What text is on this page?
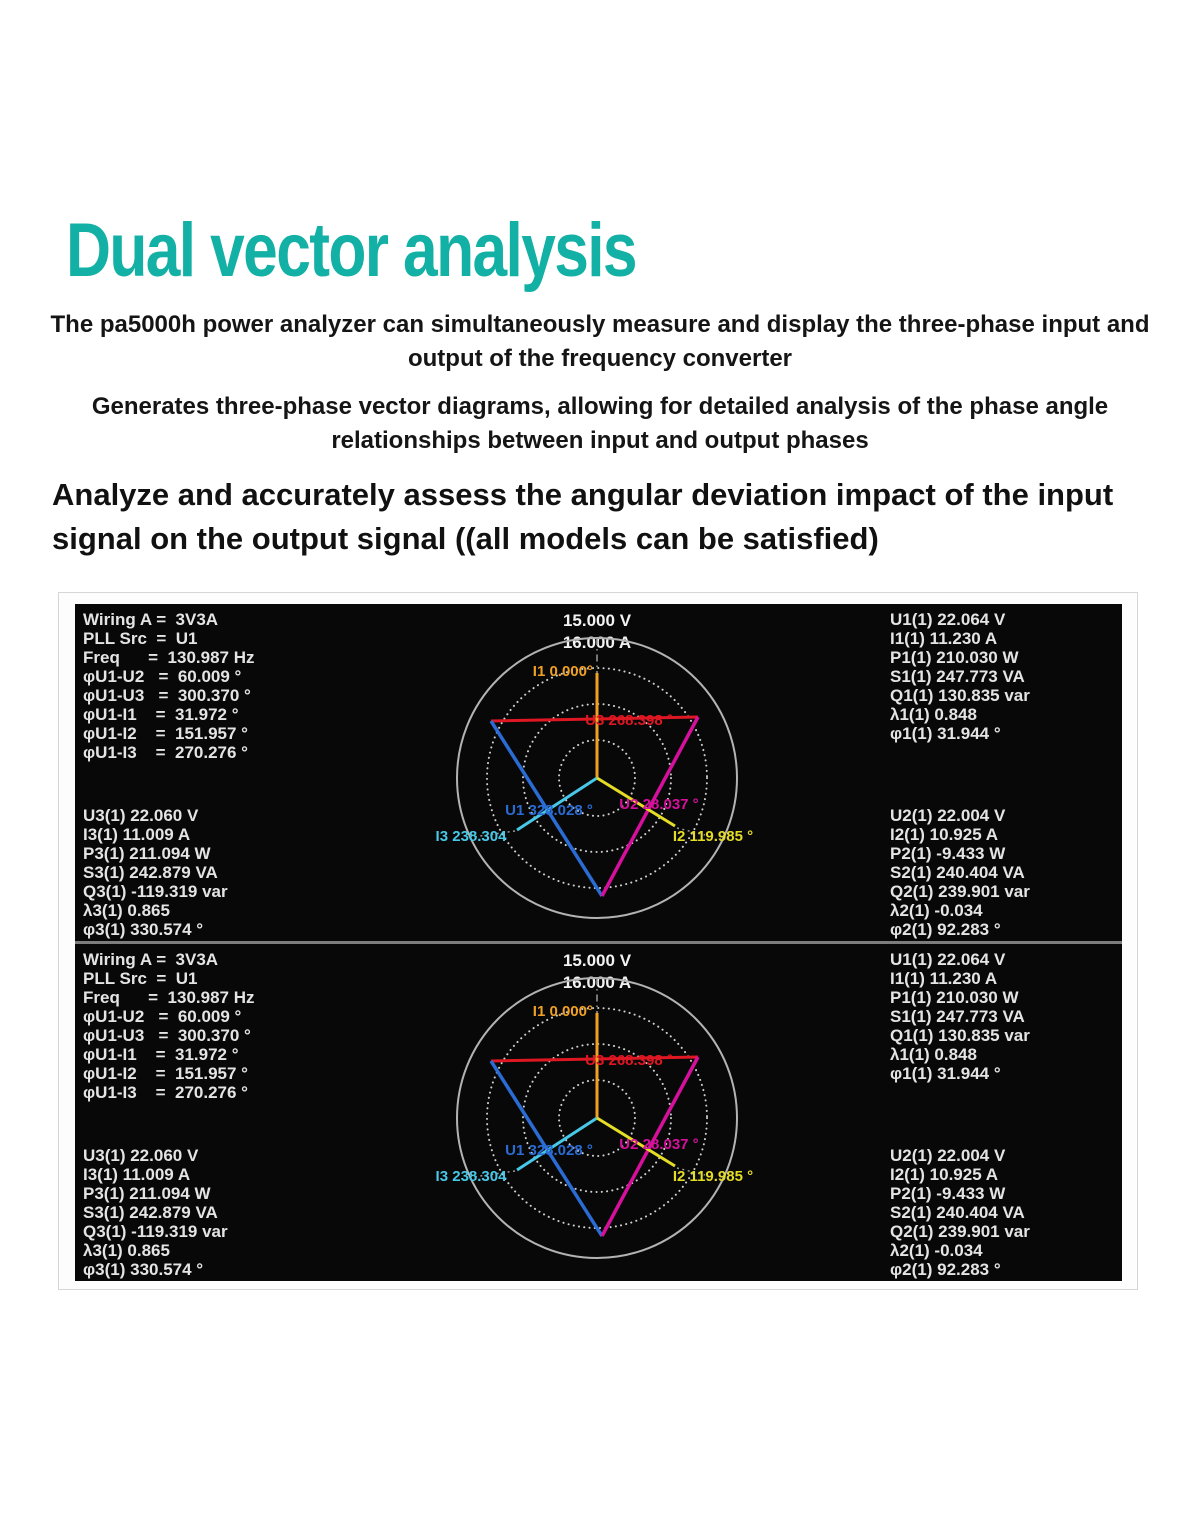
Dual vector analysis

The pa5000h power analyzer can simultaneously measure and display the three-phase input and output of the frequency converter

Generates three-phase vector diagrams, allowing for detailed analysis of the phase angle relationships between input and output phases

Analyze and accurately assess the angular deviation impact of the input signal on the output signal ((all models can be satisfied)

Wiring A =  3V3A
PLL Src  =  U1
Freq      =  130.987 Hz
φU1-U2   =  60.009 °
φU1-U3   =  300.370 °
φU1-I1    =  31.972 °
φU1-I2    =  151.957 °
φU1-I3    =  270.276 °
U3(1) 22.060 V
I3(1) 11.009 A
P3(1) 211.094 W
S3(1) 242.879 VA
Q3(1) -119.319 var
λ3(1) 0.865
φ3(1) 330.574 °
15.000 V
16.000 A
I1 0.000°
U3 268.398 °
U1 328.028 ° U2 28.037 °
I2 119.985 °
I3 238.304
U1(1) 22.064 V
I1(1) 11.230 A
P1(1) 210.030 W
S1(1) 247.773 VA
Q1(1) 130.835 var
λ1(1) 0.848
φ1(1) 31.944 °
U2(1) 22.004 V
I2(1) 10.925 A
P2(1) -9.433 W
S2(1) 240.404 VA
Q2(1) 239.901 var
λ2(1) -0.034
φ2(1) 92.283 °
Wiring A =  3V3A
PLL Src  =  U1
Freq      =  130.987 Hz
φU1-U2   =  60.009 °
φU1-U3   =  300.370 °
φU1-I1    =  31.972 °
φU1-I2    =  151.957 °
φU1-I3    =  270.276 °
U3(1) 22.060 V
I3(1) 11.009 A
P3(1) 211.094 W
S3(1) 242.879 VA
Q3(1) -119.319 var
λ3(1) 0.865
φ3(1) 330.574 °
15.000 V
16.000 A
I1 0.000°
U3 268.398 °
U1 328.028 ° U2 28.037 °
I2 119.985 °
I3 238.304
U1(1) 22.064 V
I1(1) 11.230 A
P1(1) 210.030 W
S1(1) 247.773 VA
Q1(1) 130.835 var
λ1(1) 0.848
φ1(1) 31.944 °
U2(1) 22.004 V
I2(1) 10.925 A
P2(1) -9.433 W
S2(1) 240.404 VA
Q2(1) 239.901 var
λ2(1) -0.034
φ2(1) 92.283 °
